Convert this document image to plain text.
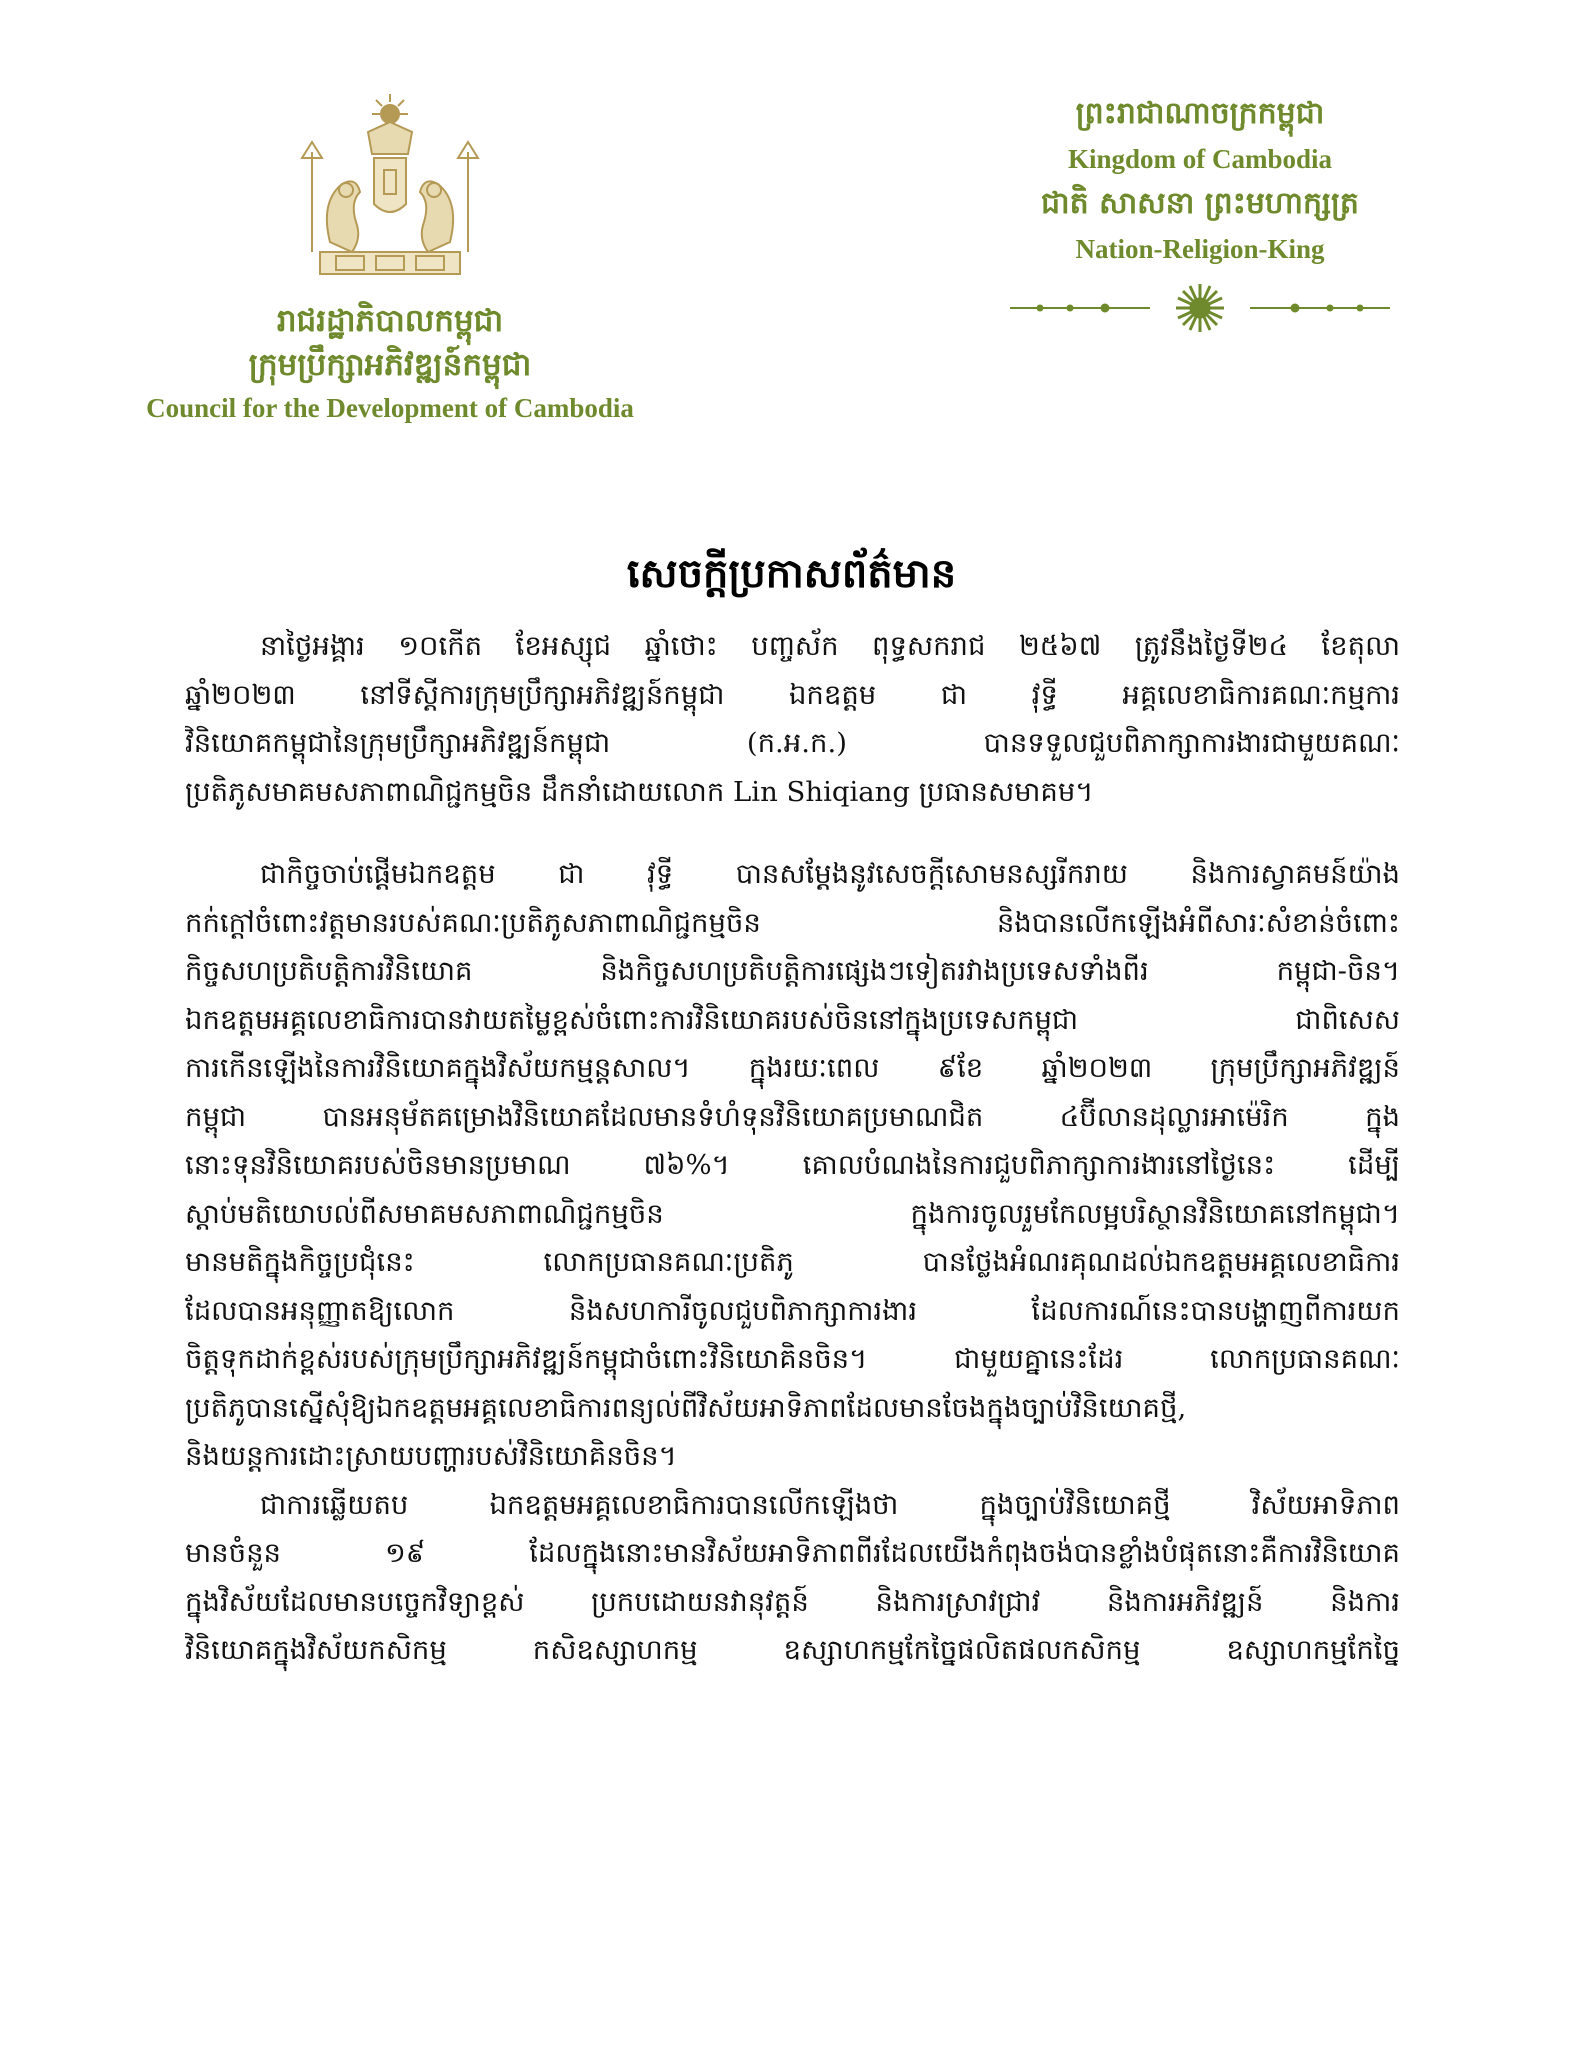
រាជរដ្ឋាភិបាលកម្ពុជា
ក្រុមប្រឹក្សាអភិវឌ្ឍន៍កម្ពុជា
Council for the Development of Cambodia
ព្រះរាជាណាចក្រកម្ពុជា
Kingdom of Cambodia
ជាតិ សាសនា ព្រះមហាក្សត្រ
Nation-Religion-King
សេចក្ដីប្រកាសព័ត៌មាន
នាថ្ងៃអង្គារ ១០កើត ខែអស្សុជ ឆ្នាំថោះ បញ្ចស័ក ពុទ្ធសករាជ ២៥៦៧ ត្រូវនឹងថ្ងៃទី២៤ ខែតុលា
ឆ្នាំ២០២៣ នៅទីស្ដីការក្រុមប្រឹក្សាអភិវឌ្ឍន៍កម្ពុជា ឯកឧត្ដម ជា វុទ្ធី អគ្គលេខាធិការគណៈកម្មការ
វិនិយោគកម្ពុជានៃក្រុមប្រឹក្សាអភិវឌ្ឍន៍កម្ពុជា (ក.អ.ក.) បានទទួលជួបពិភាក្សាការងារជាមួយគណៈ
ប្រតិភូសមាគមសភាពាណិជ្ជកម្មចិន ដឹកនាំដោយលោក Lin Shiqiang ប្រធានសមាគម។
ជាកិច្ចចាប់ផ្ដើមឯកឧត្ដម ជា វុទ្ធី បានសម្ដែងនូវសេចក្ដីសោមនស្សរីករាយ និងការស្វាគមន៍យ៉ាង
កក់ក្ដៅចំពោះវត្តមានរបស់គណៈប្រតិភូសភាពាណិជ្ជកម្មចិន និងបានលើកឡើងអំពីសារៈសំខាន់ចំពោះ
កិច្ចសហប្រតិបត្តិការវិនិយោគ និងកិច្ចសហប្រតិបត្តិការផ្សេងៗទៀតរវាងប្រទេសទាំងពីរ កម្ពុជា-ចិន។
ឯកឧត្ដមអគ្គលេខាធិការបានវាយតម្លៃខ្ពស់ចំពោះការវិនិយោគរបស់ចិននៅក្នុងប្រទេសកម្ពុជា ជាពិសេស
ការកើនឡើងនៃការវិនិយោគក្នុងវិស័យកម្មន្តសាល។ ក្នុងរយៈពេល ៩ខែ ឆ្នាំ២០២៣ ក្រុមប្រឹក្សាអភិវឌ្ឍន៍
កម្ពុជា បានអនុម័តគម្រោងវិនិយោគដែលមានទំហំទុនវិនិយោគប្រមាណជិត ៤ប៊ីលានដុល្លារអាម៉េរិក ក្នុង
នោះទុនវិនិយោគរបស់ចិនមានប្រមាណ ៧៦%។ គោលបំណងនៃការជួបពិភាក្សាការងារនៅថ្ងៃនេះ ដើម្បី
ស្ដាប់មតិយោបល់ពីសមាគមសភាពាណិជ្ជកម្មចិន ក្នុងការចូលរួមកែលម្អបរិស្ថានវិនិយោគនៅកម្ពុជា។
មានមតិក្នុងកិច្ចប្រជុំនេះ លោកប្រធានគណៈប្រតិភូ បានថ្លែងអំណរគុណដល់ឯកឧត្ដមអគ្គលេខាធិការ
ដែលបានអនុញ្ញាតឱ្យលោក និងសហការីចូលជួបពិភាក្សាការងារ ដែលការណ៍នេះបានបង្ហាញពីការយក
ចិត្តទុកដាក់ខ្ពស់របស់ក្រុមប្រឹក្សាអភិវឌ្ឍន៍កម្ពុជាចំពោះវិនិយោគិនចិន។ ជាមួយគ្នានេះដែរ លោកប្រធានគណៈ
ប្រតិភូបានស្នើសុំឱ្យឯកឧត្ដមអគ្គលេខាធិការពន្យល់ពីវិស័យអាទិភាពដែលមានចែងក្នុងច្បាប់វិនិយោគថ្មី,
និងយន្ដការដោះស្រាយបញ្ហារបស់វិនិយោគិនចិន។
ជាការឆ្លើយតប ឯកឧត្ដមអគ្គលេខាធិការបានលើកឡើងថា ក្នុងច្បាប់វិនិយោគថ្មី វិស័យអាទិភាព
មានចំនួន ១៩ ដែលក្នុងនោះមានវិស័យអាទិភាពពីរដែលយើងកំពុងចង់បានខ្លាំងបំផុតនោះគឺការវិនិយោគ
ក្នុងវិស័យដែលមានបច្ចេកវិទ្យាខ្ពស់ ប្រកបដោយនវានុវត្តន៍ និងការស្រាវជ្រាវ និងការអភិវឌ្ឍន៍ និងការ
វិនិយោគក្នុងវិស័យកសិកម្ម កសិឧស្សាហកម្ម ឧស្សាហកម្មកែច្នៃផលិតផលកសិកម្ម ឧស្សាហកម្មកែច្នៃ
